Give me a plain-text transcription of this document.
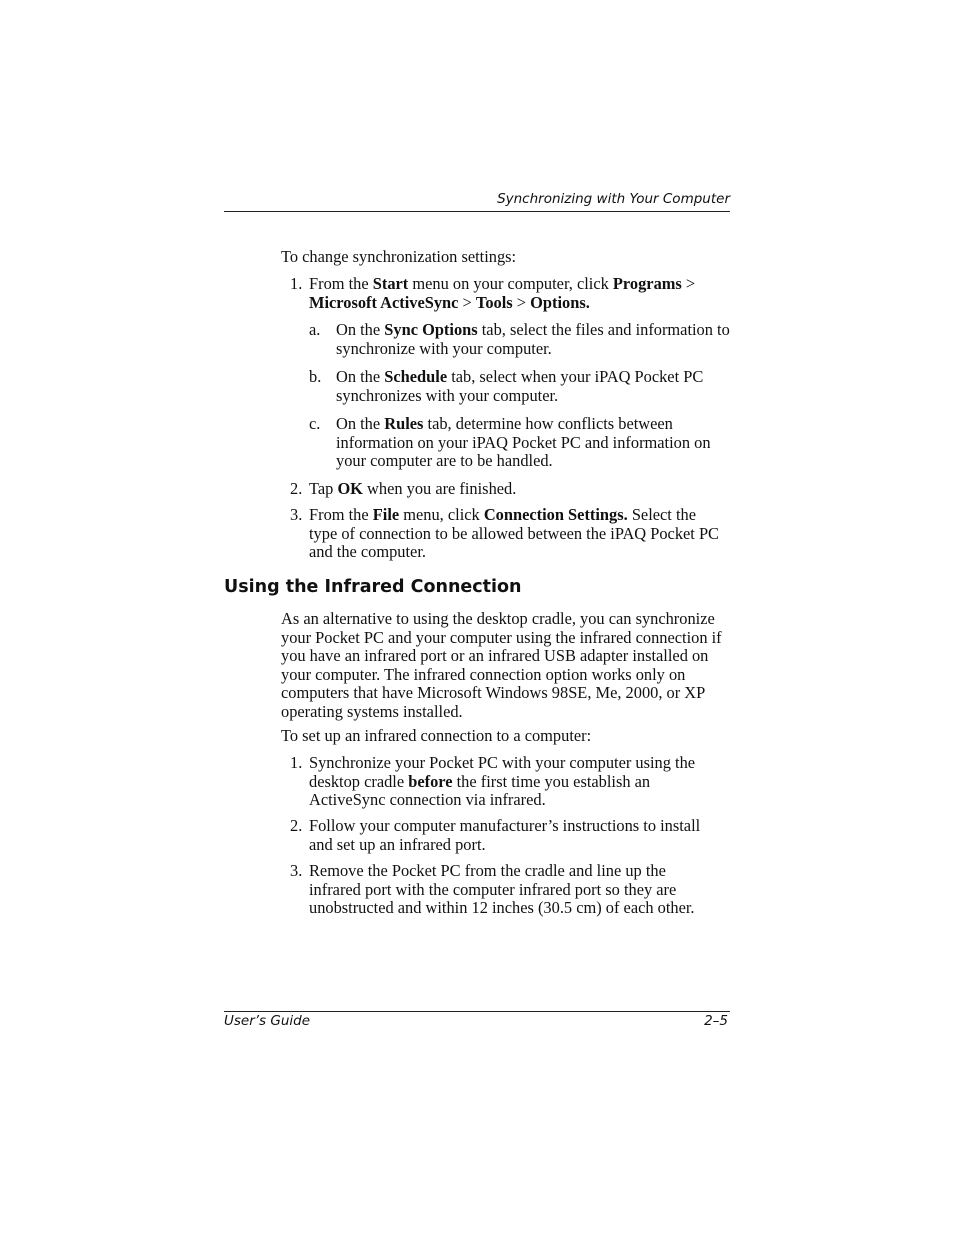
Synchronizing with Your Computer
To change synchronization settings:
1. From the Start menu on your computer, click Programs > Microsoft ActiveSync > Tools > Options.
a. On the Sync Options tab, select the files and information to synchronize with your computer.
b. On the Schedule tab, select when your iPAQ Pocket PC synchronizes with your computer.
c. On the Rules tab, determine how conflicts between information on your iPAQ Pocket PC and information on your computer are to be handled.
2. Tap OK when you are finished.
3. From the File menu, click Connection Settings. Select the type of connection to be allowed between the iPAQ Pocket PC and the computer.
Using the Infrared Connection
As an alternative to using the desktop cradle, you can synchronize your Pocket PC and your computer using the infrared connection if you have an infrared port or an infrared USB adapter installed on your computer. The infrared connection option works only on computers that have Microsoft Windows 98SE, Me, 2000, or XP operating systems installed.
To set up an infrared connection to a computer:
1. Synchronize your Pocket PC with your computer using the desktop cradle before the first time you establish an ActiveSync connection via infrared.
2. Follow your computer manufacturer’s instructions to install and set up an infrared port.
3. Remove the Pocket PC from the cradle and line up the infrared port with the computer infrared port so they are unobstructed and within 12 inches (30.5 cm) of each other.
User’s Guide	2–5
